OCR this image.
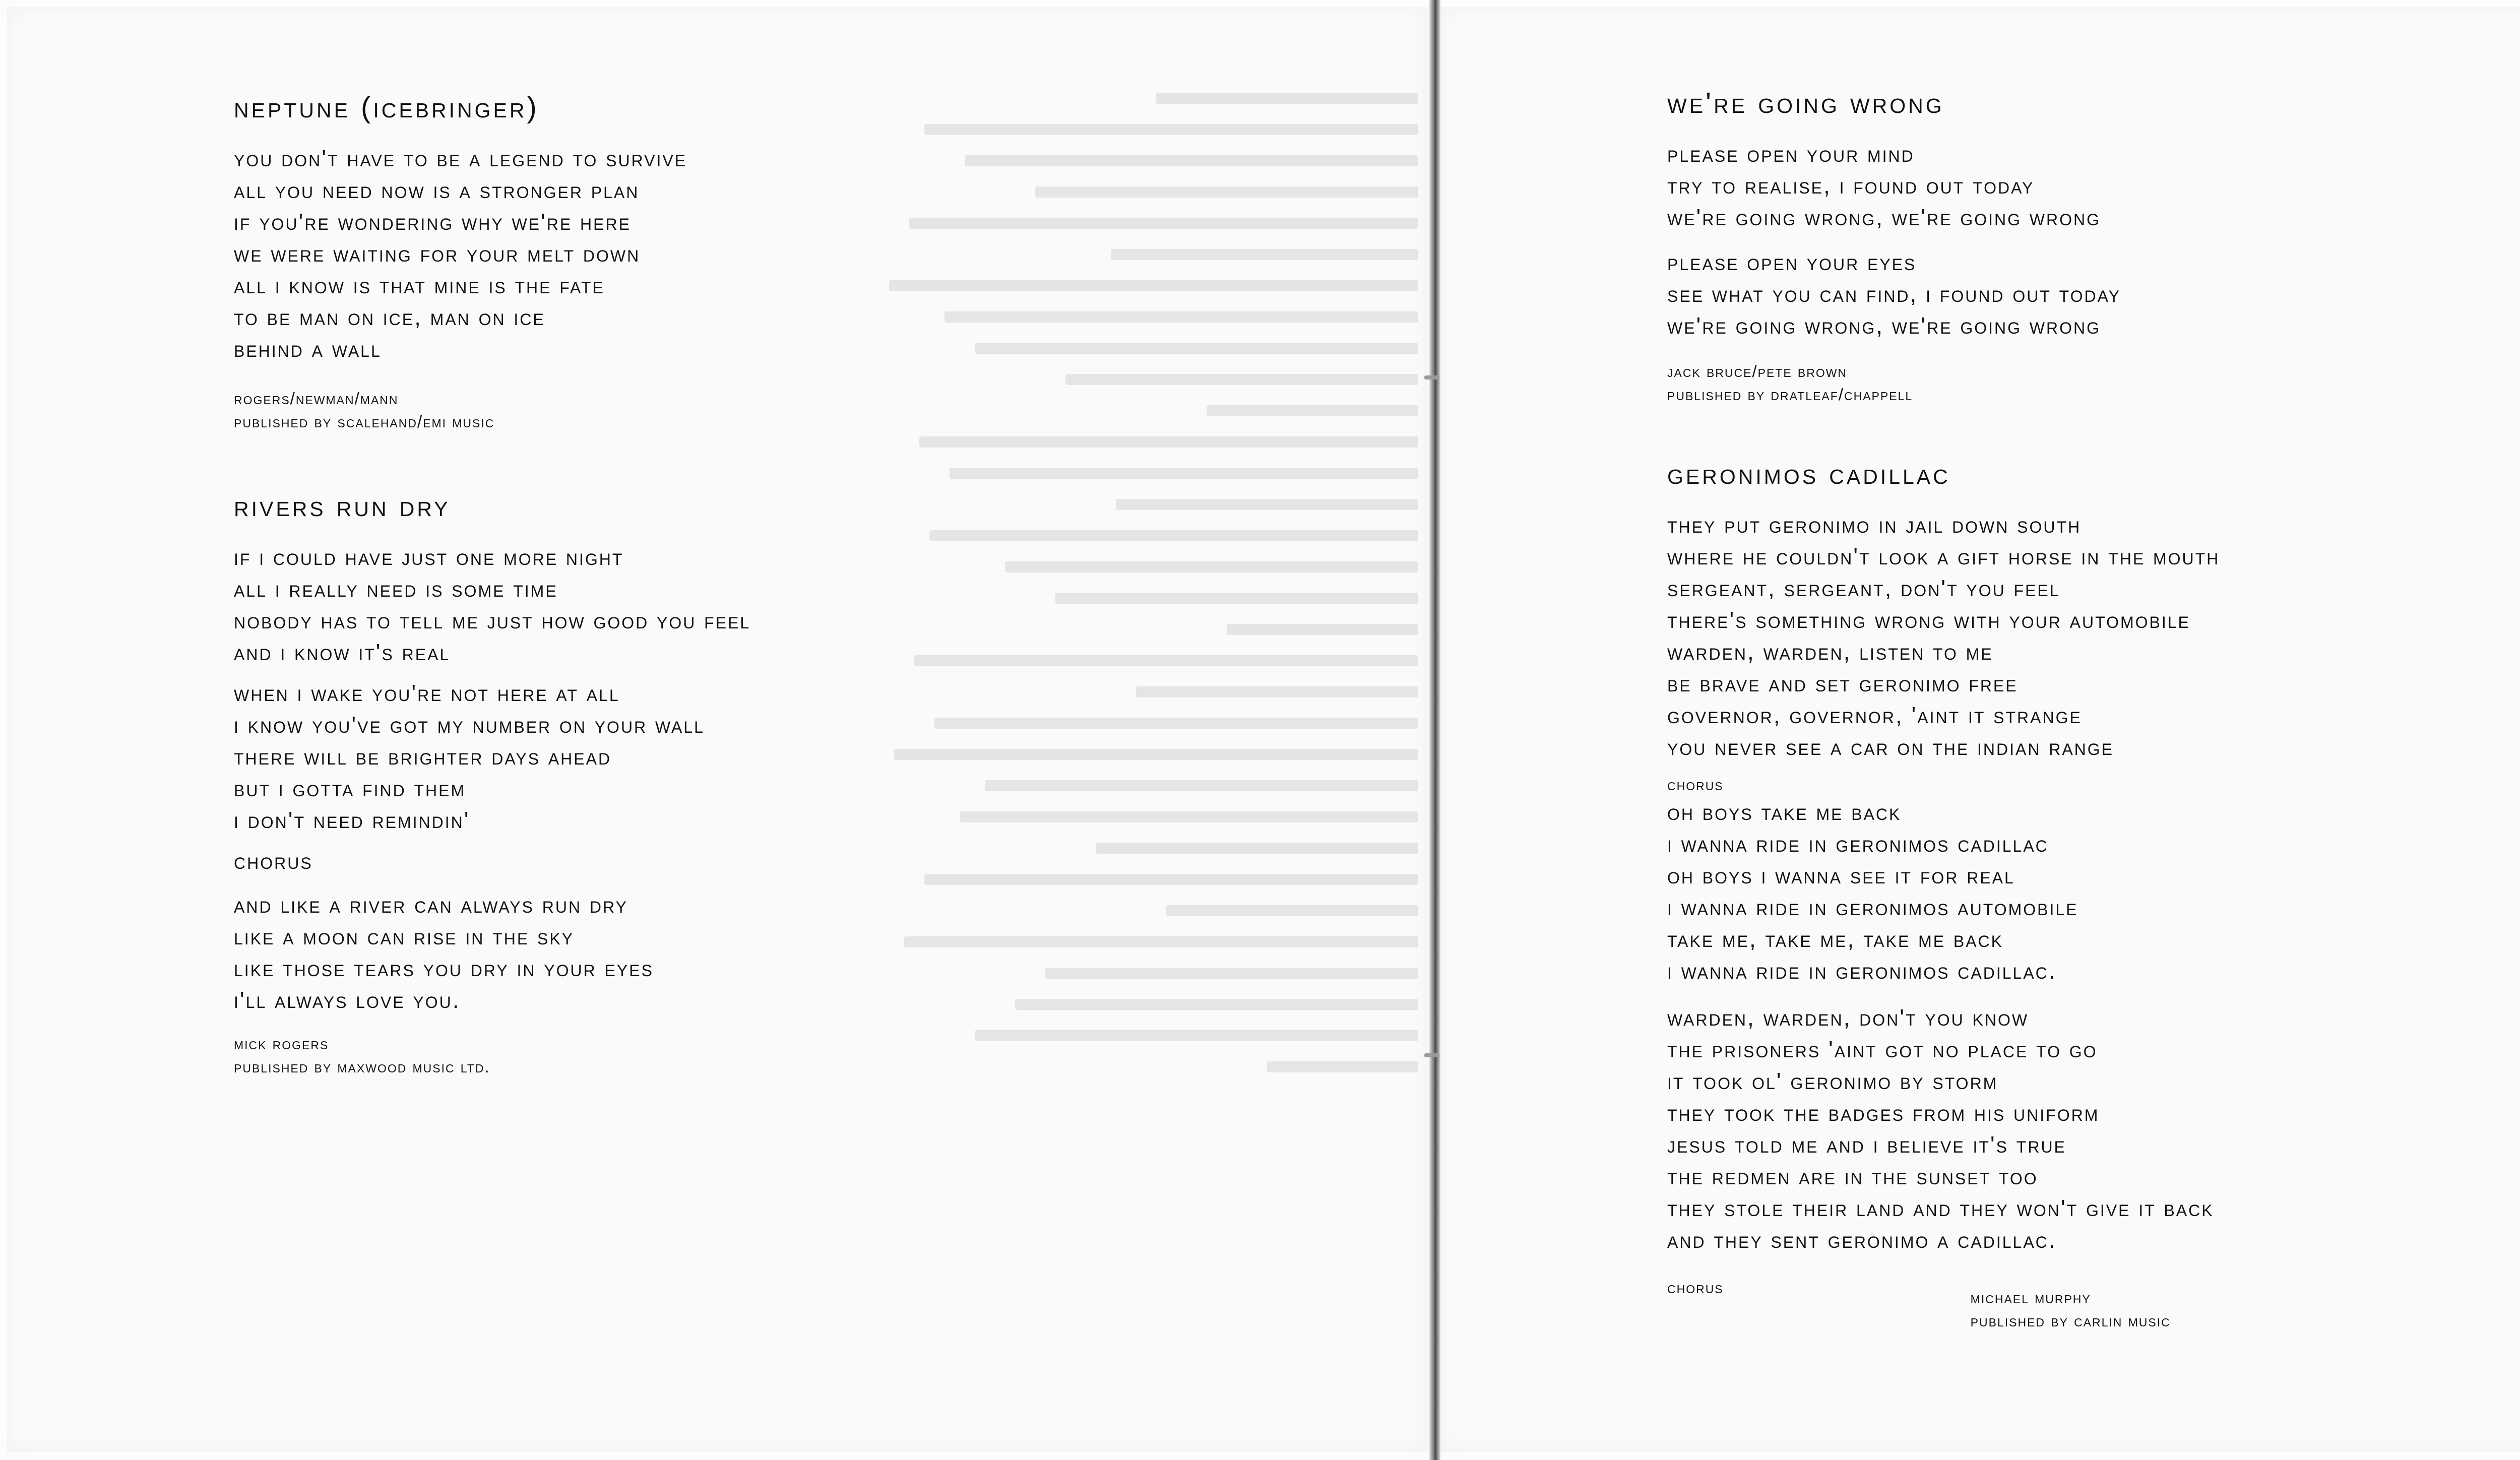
neptune (icebringer)
you don't have to be a legend to survive
all you need now is a stronger plan
if you're wondering why we're here
we were waiting for your melt down
all i know is that mine is the fate
to be man on ice, man on ice
behind a wall
rogers/newman/mann
published by scalehand/emi music
rivers run dry
if i could have just one more night
all i really need is some time
nobody has to tell me just how good you feel
and i know it's real
when i wake you're not here at all
i know you've got my number on your wall
there will be brighter days ahead
but i gotta find them
i don't need remindin'
chorus
and like a river can always run dry
like a moon can rise in the sky
like those tears you dry in your eyes
i'll always love you.
mick rogers
published by maxwood music ltd.
we're going wrong
please open your mind
try to realise, i found out today
we're going wrong, we're going wrong
please open your eyes
see what you can find, i found out today
we're going wrong, we're going wrong
jack bruce/pete brown
published by dratleaf/chappell
geronimos cadillac
they put geronimo in jail down south
where he couldn't look a gift horse in the mouth
sergeant, sergeant, don't you feel
there's something wrong with your automobile
warden, warden, listen to me
be brave and set geronimo free
governor, governor, 'aint it strange
you never see a car on the indian range
chorus
oh boys take me back
i wanna ride in geronimos cadillac
oh boys i wanna see it for real
i wanna ride in geronimos automobile
take me, take me, take me back
i wanna ride in geronimos cadillac.
warden, warden, don't you know
the prisoners 'aint got no place to go
it took ol' geronimo by storm
they took the badges from his uniform
jesus told me and i believe it's true
the redmen are in the sunset too
they stole their land and they won't give it back
and they sent geronimo a cadillac.
chorus
michael murphy
published by carlin music
